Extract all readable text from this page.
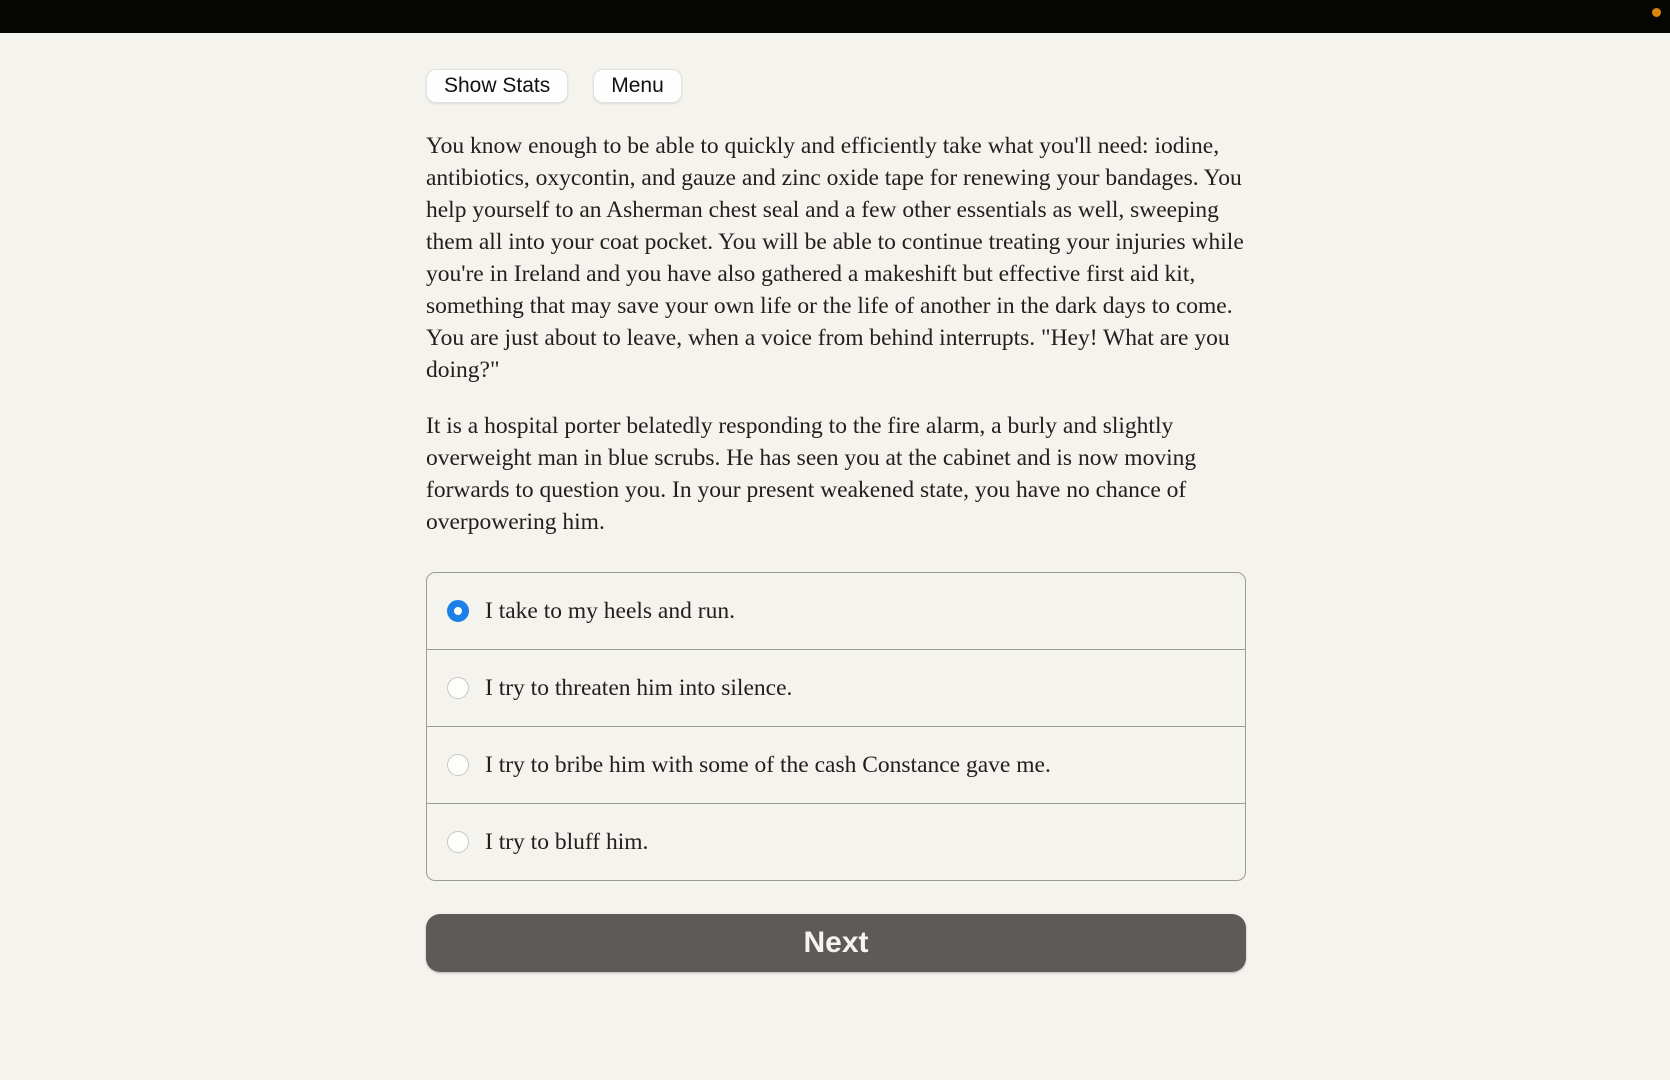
Show Stats	Menu

You know enough to be able to quickly and efficiently take what you'll need: iodine, antibiotics, oxycontin, and gauze and zinc oxide tape for renewing your bandages. You help yourself to an Asherman chest seal and a few other essentials as well, sweeping them all into your coat pocket. You will be able to continue treating your injuries while you're in Ireland and you have also gathered a makeshift but effective first aid kit, something that may save your own life or the life of another in the dark days to come. You are just about to leave, when a voice from behind interrupts. "Hey! What are you doing?"

It is a hospital porter belatedly responding to the fire alarm, a burly and slightly overweight man in blue scrubs. He has seen you at the cabinet and is now moving forwards to question you. In your present weakened state, you have no chance of overpowering him.

I take to my heels and run.
I try to threaten him into silence.
I try to bribe him with some of the cash Constance gave me.
I try to bluff him.
Next
